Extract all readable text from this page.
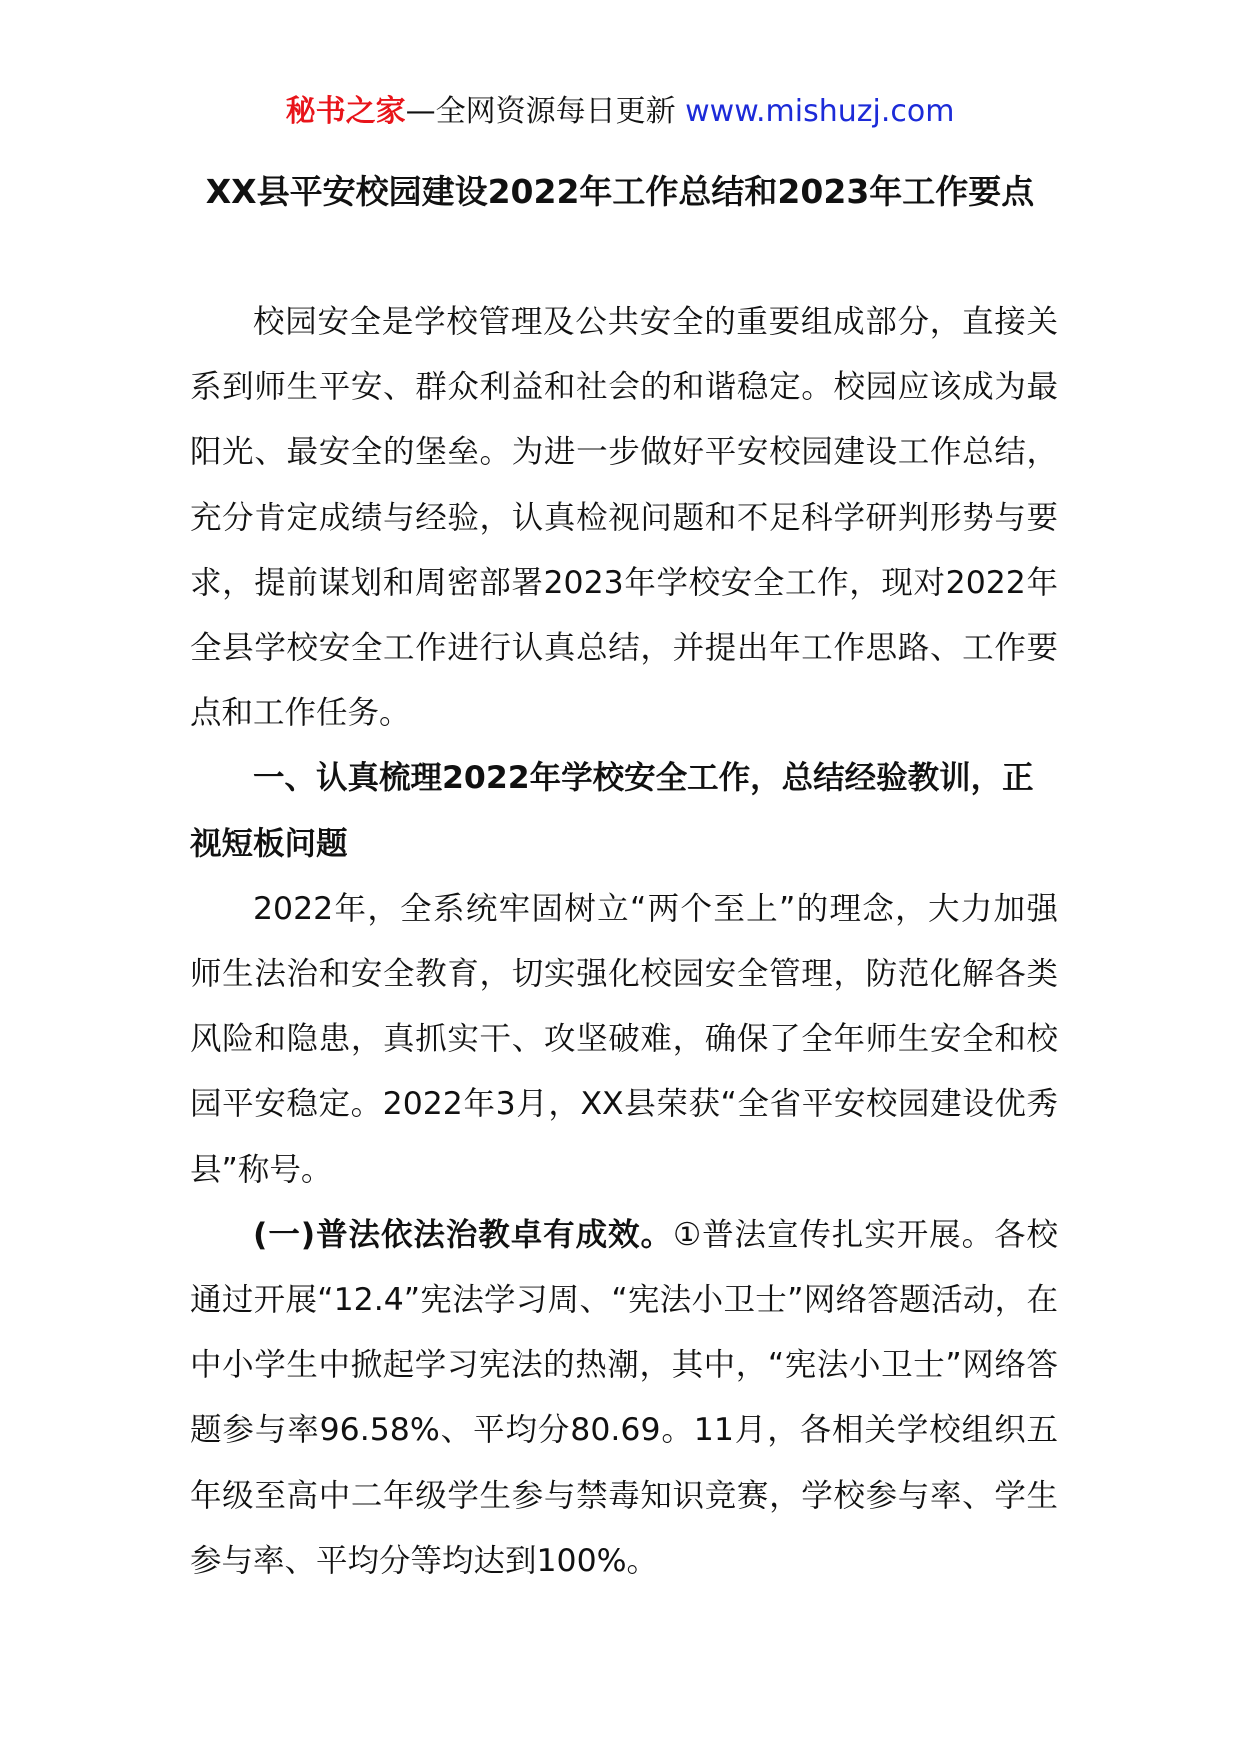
秘书之家—全网资源每日更新 www.mishuzj.com
XX县平安校园建设2022年工作总结和2023年工作要点

校园安全是学校管理及公共安全的重要组成部分，直接关系到师生平安、群众利益和社会的和谐稳定。校园应该成为最阳光、最安全的堡垒。为进一步做好平安校园建设工作总结，充分肯定成绩与经验，认真检视问题和不足科学研判形势与要求，提前谋划和周密部署2023年学校安全工作，现对2022年全县学校安全工作进行认真总结，并提出年工作思路、工作要点和工作任务。

一、认真梳理2022年学校安全工作，总结经验教训，正视短板问题

2022年，全系统牢固树立“两个至上”的理念，大力加强师生法治和安全教育，切实强化校园安全管理，防范化解各类风险和隐患，真抓实干、攻坚破难，确保了全年师生安全和校园平安稳定。2022年3月，XX县荣获“全省平安校园建设优秀县”称号。

(一)普法依法治教卓有成效。①普法宣传扎实开展。各校通过开展“12.4”宪法学习周、“宪法小卫士”网络答题活动，在中小学生中掀起学习宪法的热潮，其中，“宪法小卫士”网络答题参与率96.58%、平均分80.69。11月，各相关学校组织五年级至高中二年级学生参与禁毒知识竞赛，学校参与率、学生参与率、平均分等均达到100%。
